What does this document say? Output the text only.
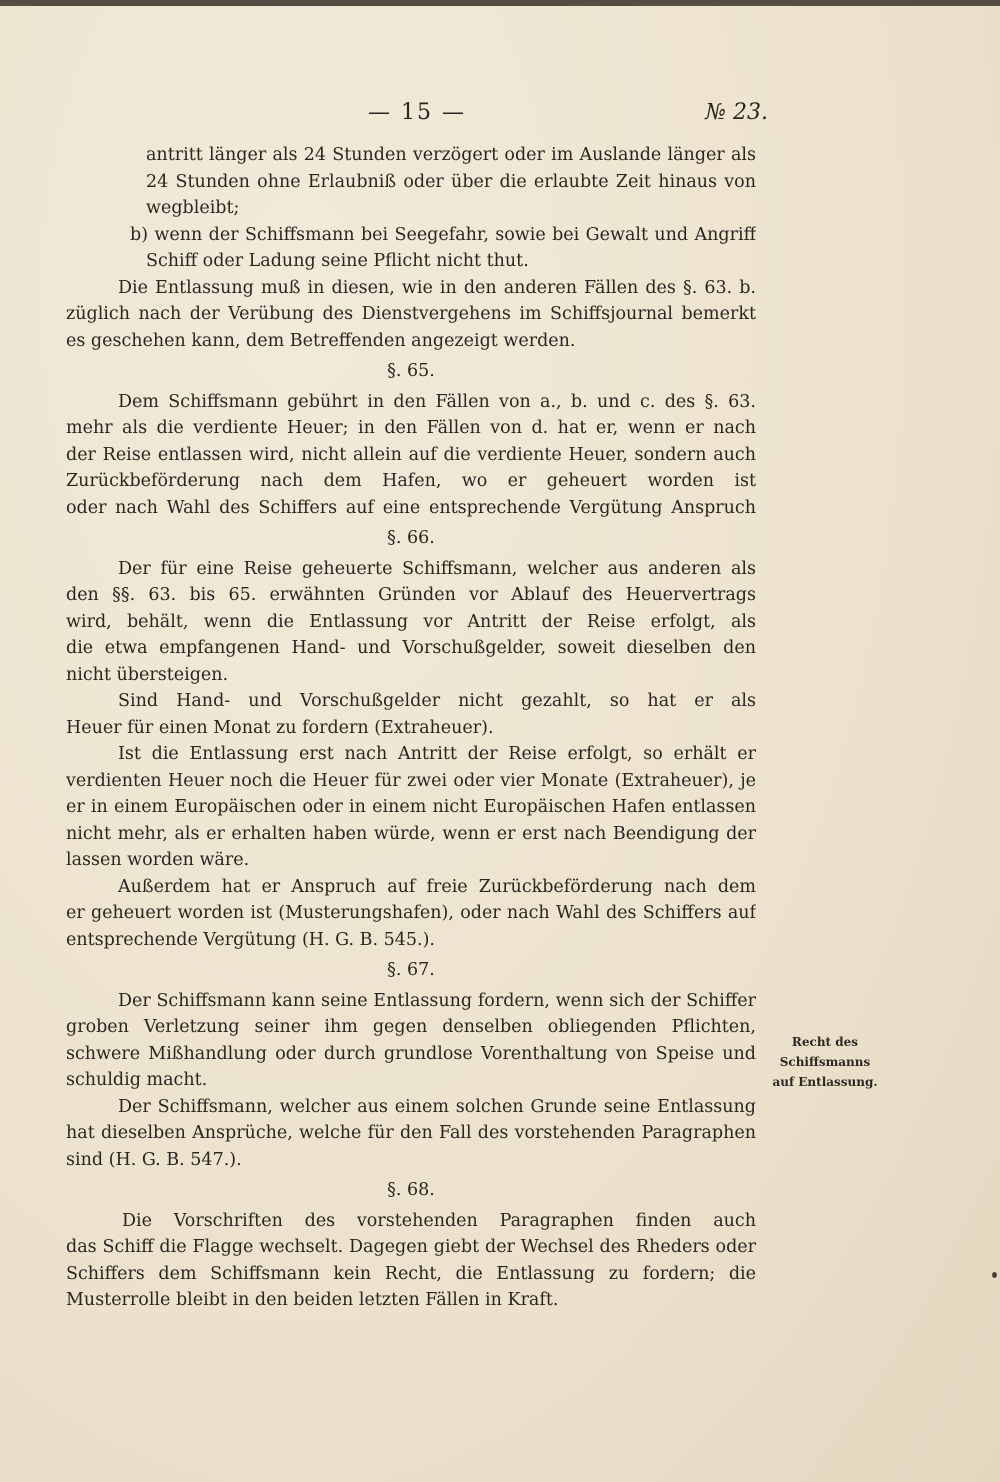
— 15 —	№ 23.
antritt länger als 24 Stunden verzögert oder im Auslande länger als
24 Stunden ohne Erlaubniß oder über die erlaubte Zeit hinaus von
wegbleibt;
b) wenn der Schiffsmann bei Seegefahr, sowie bei Gewalt und Angriff
Schiff oder Ladung seine Pflicht nicht thut.
Die Entlassung muß in diesen, wie in den anderen Fällen des §. 63. b.
züglich nach der Verübung des Dienstvergehens im Schiffsjournal bemerkt
es geschehen kann, dem Betreffenden angezeigt werden.
§. 65.
Dem Schiffsmann gebührt in den Fällen von a., b. und c. des §. 63.
mehr als die verdiente Heuer; in den Fällen von d. hat er, wenn er nach
der Reise entlassen wird, nicht allein auf die verdiente Heuer, sondern auch
Zurückbeförderung nach dem Hafen, wo er geheuert worden ist
oder nach Wahl des Schiffers auf eine entsprechende Vergütung Anspruch
§. 66.
Der für eine Reise geheuerte Schiffsmann, welcher aus anderen als
den §§. 63. bis 65. erwähnten Gründen vor Ablauf des Heuervertrags
wird, behält, wenn die Entlassung vor Antritt der Reise erfolgt, als
die etwa empfangenen Hand- und Vorschußgelder, soweit dieselben den
nicht übersteigen.
Sind Hand- und Vorschußgelder nicht gezahlt, so hat er als
Heuer für einen Monat zu fordern (Extraheuer).
Ist die Entlassung erst nach Antritt der Reise erfolgt, so erhält er
verdienten Heuer noch die Heuer für zwei oder vier Monate (Extraheuer), je
er in einem Europäischen oder in einem nicht Europäischen Hafen entlassen
nicht mehr, als er erhalten haben würde, wenn er erst nach Beendigung der
lassen worden wäre.
Außerdem hat er Anspruch auf freie Zurückbeförderung nach dem
er geheuert worden ist (Musterungshafen), oder nach Wahl des Schiffers auf
entsprechende Vergütung (H. G. B. 545.).
§. 67.
Der Schiffsmann kann seine Entlassung fordern, wenn sich der Schiffer
groben Verletzung seiner ihm gegen denselben obliegenden Pflichten,
schwere Mißhandlung oder durch grundlose Vorenthaltung von Speise und
schuldig macht.
Der Schiffsmann, welcher aus einem solchen Grunde seine Entlassung
hat dieselben Ansprüche, welche für den Fall des vorstehenden Paragraphen
sind (H. G. B. 547.).
§. 68.
Die Vorschriften des vorstehenden Paragraphen finden auch
das Schiff die Flagge wechselt. Dagegen giebt der Wechsel des Rheders oder
Schiffers dem Schiffsmann kein Recht, die Entlassung zu fordern; die
Musterrolle bleibt in den beiden letzten Fällen in Kraft.
Recht des
Schiffsmanns
auf Entlassung.
